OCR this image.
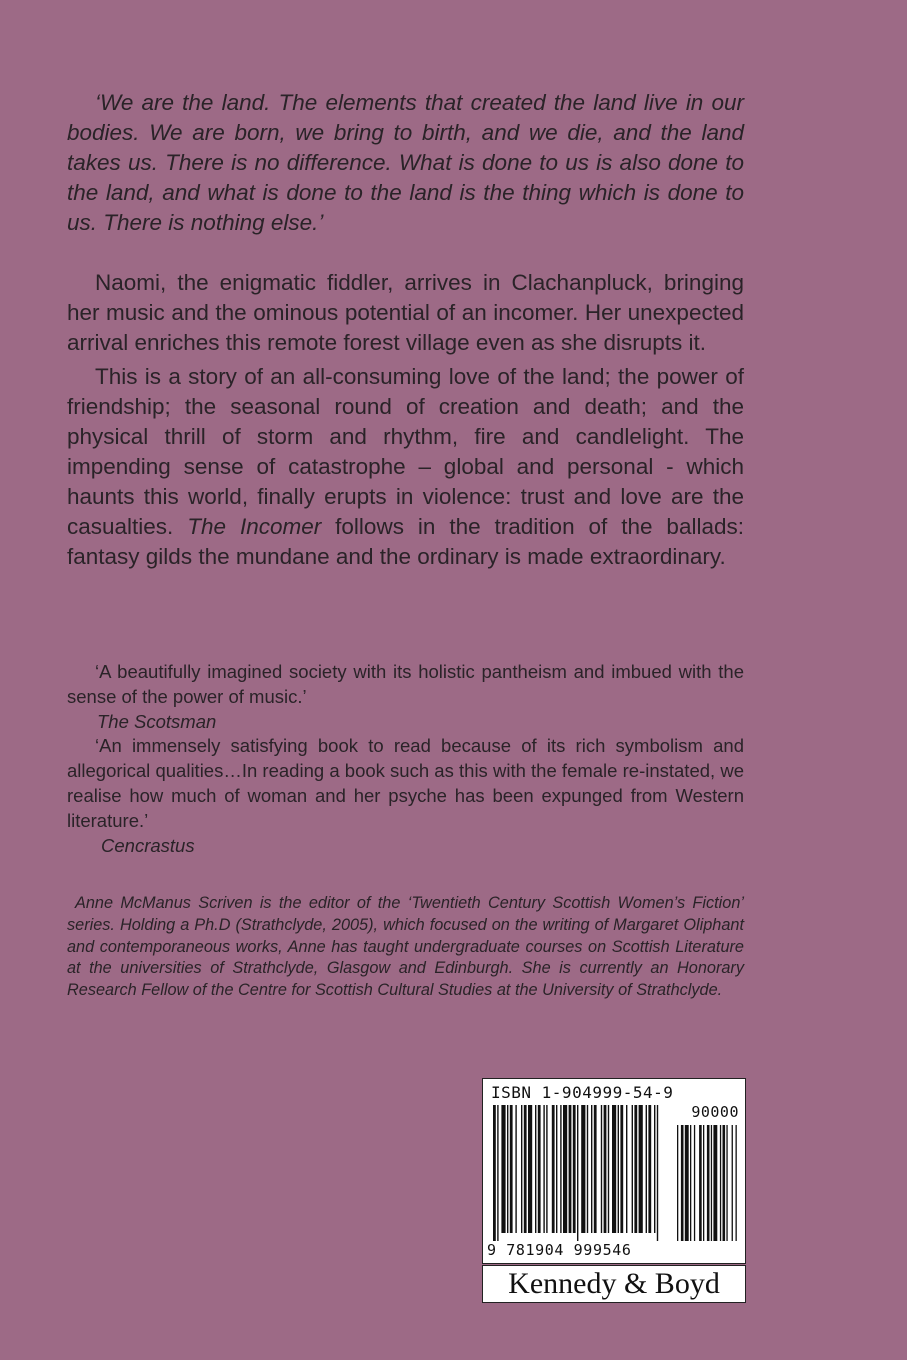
‘We are the land. The elements that created the land live in our bodies. We are born, we bring to birth, and we die, and the land takes us. There is no difference. What is done to us is also done to the land, and what is done to the land is the thing which is done to us. There is nothing else.’

Naomi, the enigmatic fiddler, arrives in Clachanpluck, bringing her music and the ominous potential of an incomer. Her unexpected arrival enriches this remote forest village even as she disrupts it.

This is a story of an all-consuming love of the land; the power of friendship; the seasonal round of creation and death; and the physical thrill of storm and rhythm, fire and candlelight. The impending sense of catastrophe – global and personal - which haunts this world, finally erupts in violence: trust and love are the casualties. The Incomer follows in the tradition of the ballads: fantasy gilds the mundane and the ordinary is made extraordinary.

‘A beautifully imagined society with its holistic pantheism and imbued with the sense of the power of music.’

The Scotsman

‘An immensely satisfying book to read because of its rich symbolism and allegorical qualities…In reading a book such as this with the female re-instated, we realise how much of woman and her psyche has been expunged from Western literature.’

Cencrastus

Anne McManus Scriven is the editor of the ‘Twentieth Century Scottish Women’s Fiction’ series. Holding a Ph.D (Strathclyde, 2005), which focused on the writing of Margaret Oliphant and contemporaneous works, Anne has taught undergraduate courses on Scottish Literature at the universities of Strathclyde, Glasgow and Edinburgh. She is currently an Honorary Research Fellow of the Centre for Scottish Cultural Studies at the University of Strathclyde.

ISBN 1-904999-54-9
90000
9 781904 999546
Kennedy & Boyd
